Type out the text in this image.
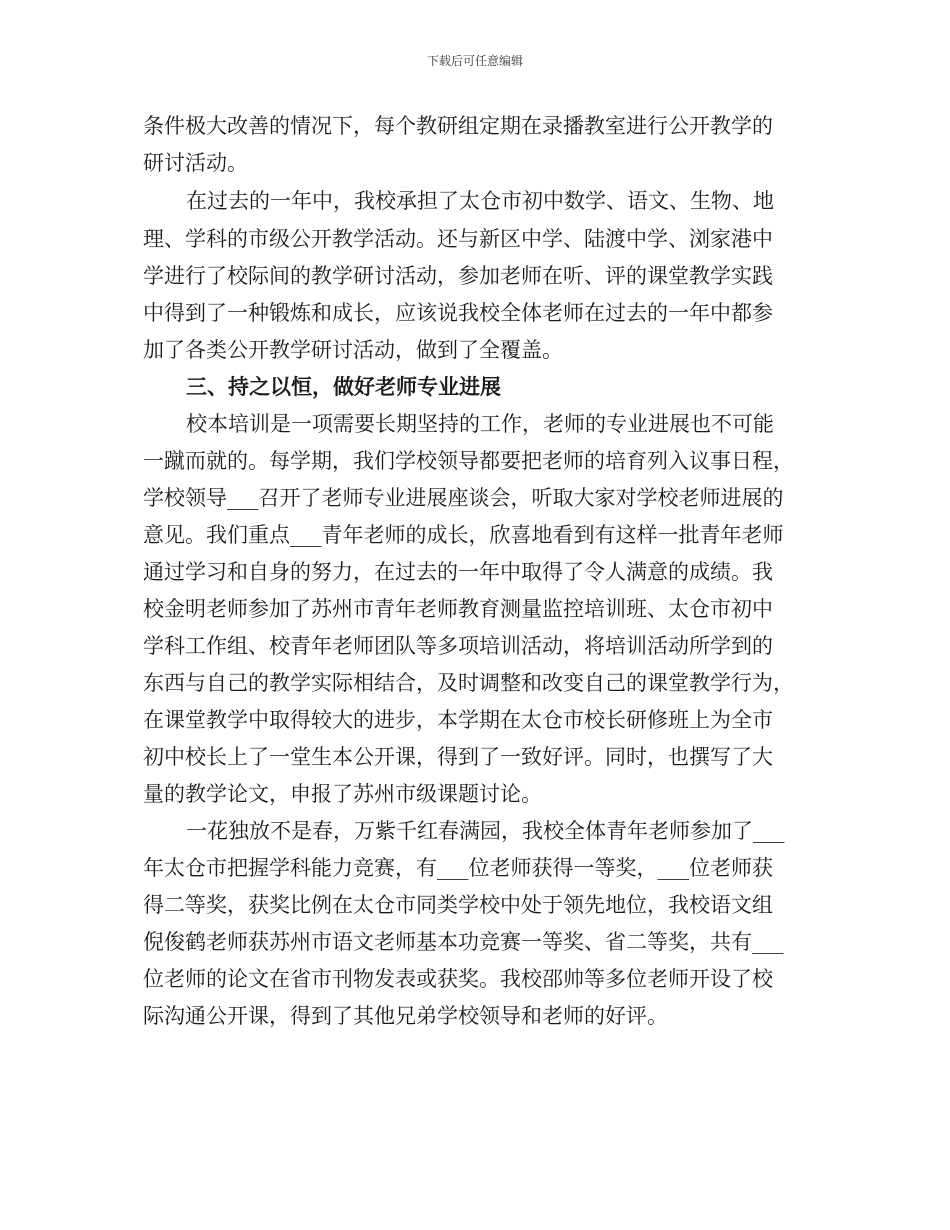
下载后可任意编辑
条件极大改善的情况下，每个教研组定期在录播教室进行公开教学的
研讨活动。
在过去的一年中，我校承担了太仓市初中数学、语文、生物、地
理、学科的市级公开教学活动。还与新区中学、陆渡中学、浏家港中
学进行了校际间的教学研讨活动，参加老师在听、评的课堂教学实践
中得到了一种锻炼和成长，应该说我校全体老师在过去的一年中都参
加了各类公开教学研讨活动，做到了全覆盖。
三、持之以恒，做好老师专业进展
校本培训是一项需要长期坚持的工作，老师的专业进展也不可能
一蹴而就的。每学期，我们学校领导都要把老师的培育列入议事日程，
学校领导___召开了老师专业进展座谈会，听取大家对学校老师进展的
意见。我们重点___青年老师的成长，欣喜地看到有这样一批青年老师
通过学习和自身的努力，在过去的一年中取得了令人满意的成绩。我
校金明老师参加了苏州市青年老师教育测量监控培训班、太仓市初中
学科工作组、校青年老师团队等多项培训活动，将培训活动所学到的
东西与自己的教学实际相结合，及时调整和改变自己的课堂教学行为，
在课堂教学中取得较大的进步，本学期在太仓市校长研修班上为全市
初中校长上了一堂生本公开课，得到了一致好评。同时，也撰写了大
量的教学论文，申报了苏州市级课题讨论。
一花独放不是春，万紫千红春满园，我校全体青年老师参加了___
年太仓市把握学科能力竞赛，有___位老师获得一等奖，___位老师获
得二等奖，获奖比例在太仓市同类学校中处于领先地位，我校语文组
倪俊鹤老师获苏州市语文老师基本功竞赛一等奖、省二等奖，共有___
位老师的论文在省市刊物发表或获奖。我校邵帅等多位老师开设了校
际沟通公开课，得到了其他兄弟学校领导和老师的好评。
